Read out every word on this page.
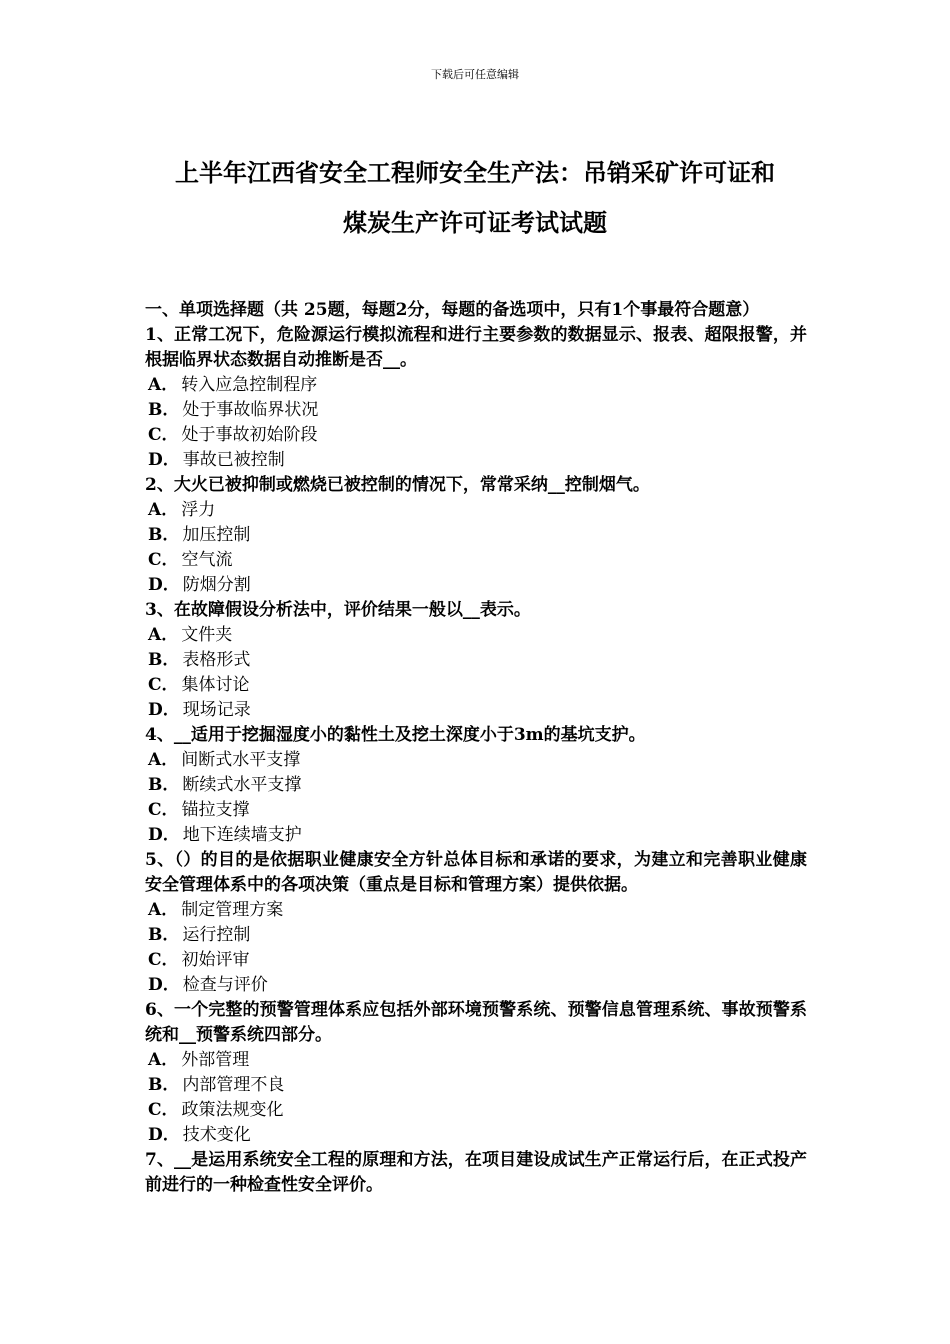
下载后可任意编辑
上半年江西省安全工程师安全生产法：吊销采矿许可证和
煤炭生产许可证考试试题
一、单项选择题（共 25题，每题2分，每题的备选项中，只有1个事最符合题意）
1、正常工况下，危险源运行模拟流程和进行主要参数的数据显示、报表、超限报警，并根据临界状态数据自动推断是否__。
A． 转入应急控制程序
B． 处于事故临界状况
C． 处于事故初始阶段
D． 事故已被控制
2、大火已被抑制或燃烧已被控制的情况下，常常采纳__控制烟气。
A． 浮力
B． 加压控制
C． 空气流
D． 防烟分割
3、在故障假设分析法中，评价结果一般以__表示。
A． 文件夹
B． 表格形式
C． 集体讨论
D． 现场记录
4、__适用于挖掘湿度小的黏性土及挖土深度小于3m的基坑支护。
A． 间断式水平支撑
B． 断续式水平支撑
C． 锚拉支撑
D． 地下连续墙支护
5、（）的目的是依据职业健康安全方针总体目标和承诺的要求，为建立和完善职业健康安全管理体系中的各项决策（重点是目标和管理方案）提供依据。
A． 制定管理方案
B． 运行控制
C． 初始评审
D． 检查与评价
6、一个完整的预警管理体系应包括外部环境预警系统、预警信息管理系统、事故预警系统和__预警系统四部分。
A． 外部管理
B． 内部管理不良
C． 政策法规变化
D． 技术变化
7、__是运用系统安全工程的原理和方法，在项目建设成试生产正常运行后，在正式投产前进行的一种检查性安全评价。
